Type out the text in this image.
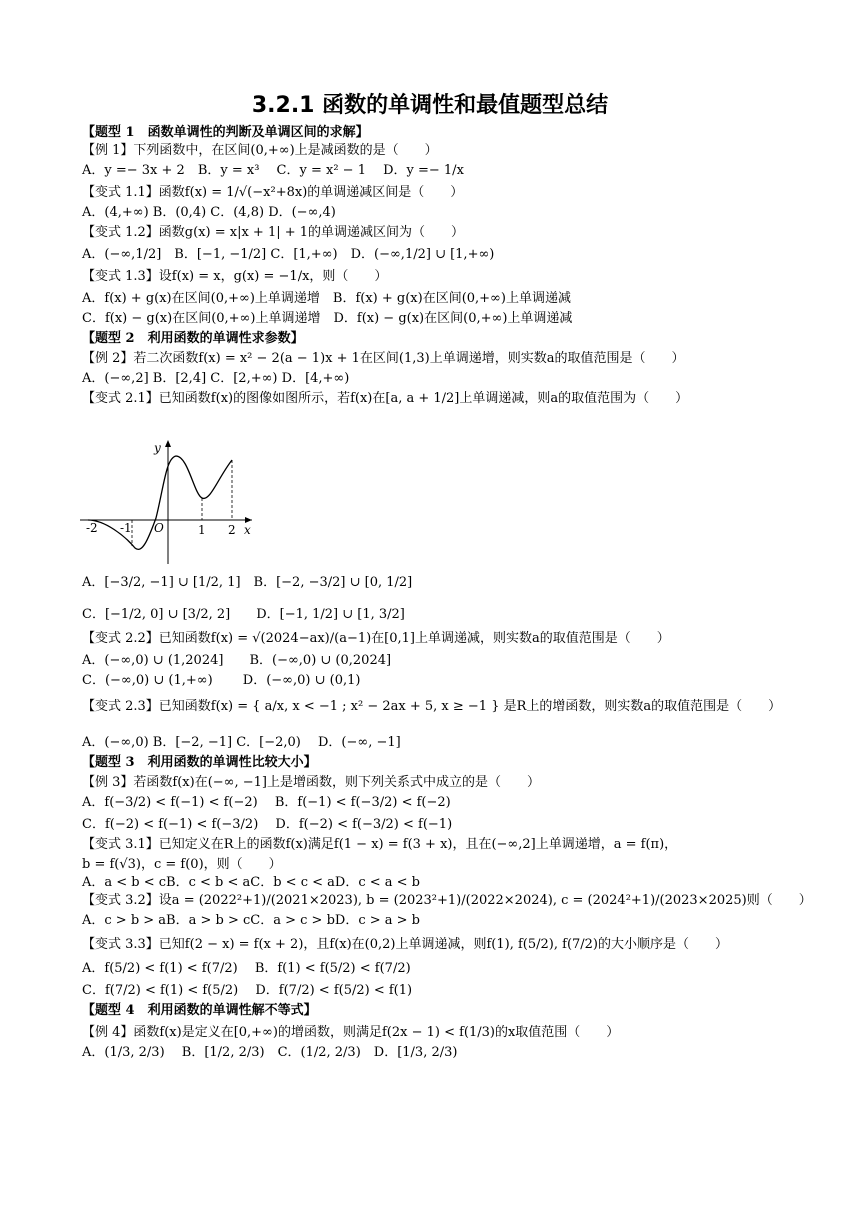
3.2.1 函数的单调性和最值题型总结
【题型 1　函数单调性的判断及单调区间的求解】
【例 1】下列函数中，在区间(0,+∞)上是减函数的是（　　）
A．y =− 3x + 2　B．y = x³　 C．y = x² − 1　 D．y =− 1/x
【变式 1.1】函数f(x) = 1/√(−x²+8x)的单调递减区间是（　　）
A．(4,+∞) B．(0,4) C．(4,8) D．(−∞,4)
【变式 1.2】函数g(x) = x|x + 1| + 1的单调递减区间为（　　）
A．(−∞,1/2]　B．[−1, −1/2] C．[1,+∞)　D．(−∞,1/2] ∪ [1,+∞)
【变式 1.3】设f(x) = x，g(x) = −1/x，则（　　）
A．f(x) + g(x)在区间(0,+∞)上单调递增　B．f(x) + g(x)在区间(0,+∞)上单调递减
C．f(x) − g(x)在区间(0,+∞)上单调递增　D．f(x) − g(x)在区间(0,+∞)上单调递减
【题型 2　利用函数的单调性求参数】
【例 2】若二次函数f(x) = x² − 2(a − 1)x + 1在区间(1,3)上单调递增，则实数a的取值范围是（　　）
A．(−∞,2] B．[2,4] C．[2,+∞) D．[4,+∞)
【变式 2.1】已知函数f(x)的图像如图所示，若f(x)在[a, a + 1/2]上单调递减，则a的取值范围为（　　）
A．[−3/2, −1] ∪ [1/2, 1]　B．[−2, −3/2] ∪ [0, 1/2]
C．[−1/2, 0] ∪ [3/2, 2]　　D．[−1, 1/2] ∪ [1, 3/2]
【变式 2.2】已知函数f(x) = √(2024−ax)/(a−1)在[0,1]上单调递减，则实数a的取值范围是（　　）
A．(−∞,0) ∪ (1,2024]　　B．(−∞,0) ∪ (0,2024]
C．(−∞,0) ∪ (1,+∞)　　 D．(−∞,0) ∪ (0,1)
【变式 2.3】已知函数f(x) = { a/x, x < −1 ; x² − 2ax + 5, x ≥ −1 } 是R上的增函数，则实数a的取值范围是（　　）
A．(−∞,0) B．[−2, −1] C．[−2,0)　 D．(−∞, −1]
【题型 3　利用函数的单调性比较大小】
【例 3】若函数f(x)在(−∞, −1]上是增函数，则下列关系式中成立的是（　　）
A．f(−3/2) < f(−1) < f(−2)　 B．f(−1) < f(−3/2) < f(−2)
C．f(−2) < f(−1) < f(−3/2)　 D．f(−2) < f(−3/2) < f(−1)
【变式 3.1】已知定义在R上的函数f(x)满足f(1 − x) = f(3 + x)，且在(−∞,2]上单调递增，a = f(π)，
b = f(√3)，c = f(0)，则（　　）
A．a < b < cB．c < b < aC．b < c < aD．c < a < b
【变式 3.2】设a = (2022²+1)/(2021×2023), b = (2023²+1)/(2022×2024), c = (2024²+1)/(2023×2025)则（　　）
A．c > b > aB．a > b > cC．a > c > bD．c > a > b
【变式 3.3】已知f(2 − x) = f(x + 2)，且f(x)在(0,2)上单调递减，则f(1), f(5/2), f(7/2)的大小顺序是（　　）
A．f(5/2) < f(1) < f(7/2)　 B．f(1) < f(5/2) < f(7/2)
C．f(7/2) < f(1) < f(5/2)　 D．f(7/2) < f(5/2) < f(1)
【题型 4　利用函数的单调性解不等式】
【例 4】函数f(x)是定义在[0,+∞)的增函数，则满足f(2x − 1) < f(1/3)的x取值范围（　　）
A．(1/3, 2/3)　 B．[1/2, 2/3)　C．(1/2, 2/3)　D．[1/3, 2/3)
-2 -1	1 2
O	x
y
